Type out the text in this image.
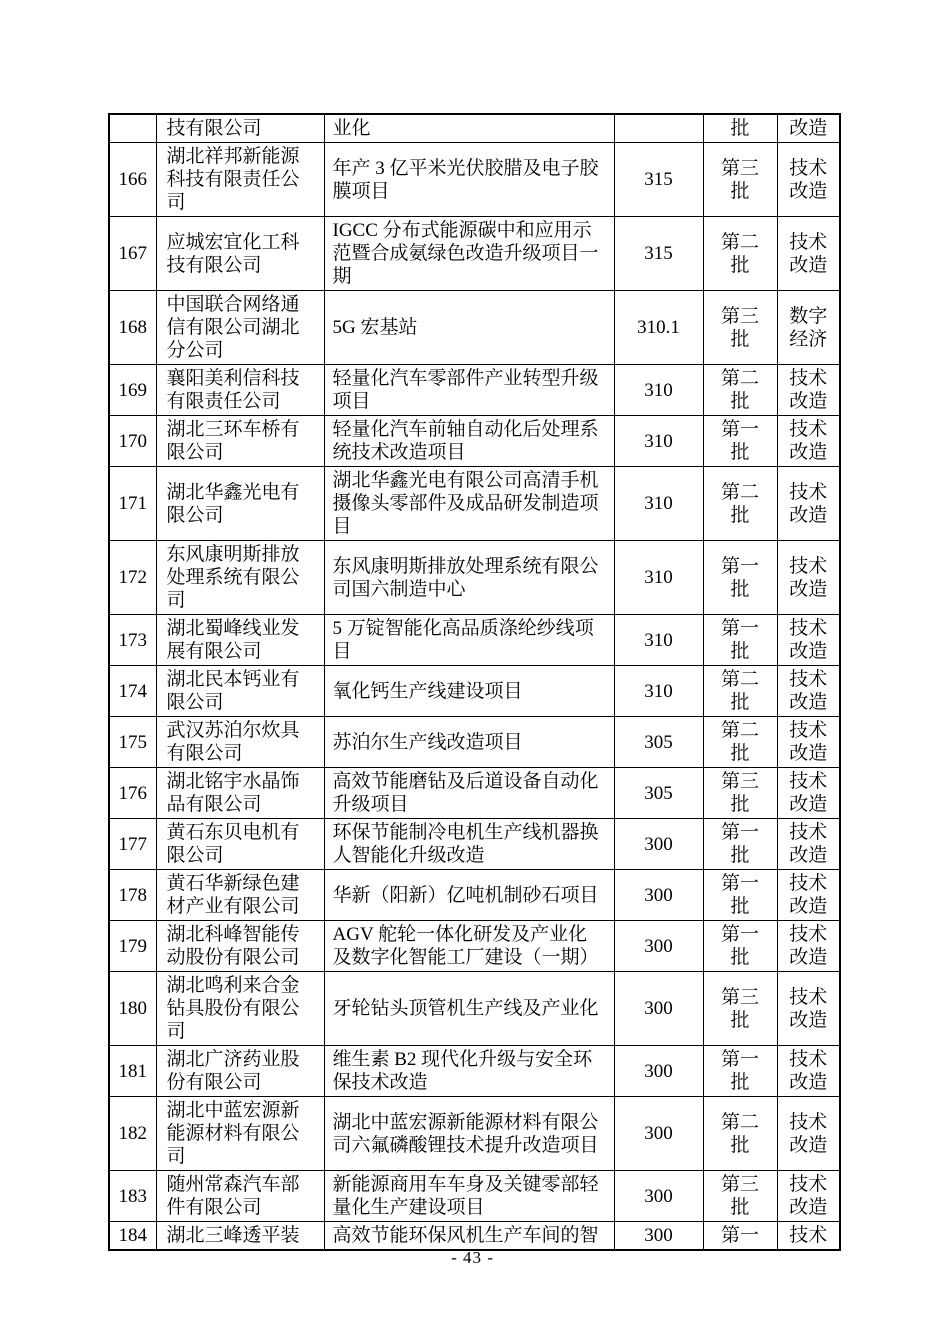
	技有限公司	业化		批	改造
166	湖北祥邦新能源科技有限责任公司	年产 3 亿平米光伏胶腊及电子胶膜项目	315	第三批	技术改造
167	应城宏宜化工科技有限公司	IGCC 分布式能源碳中和应用示范暨合成氨绿色改造升级项目一期	315	第二批	技术改造
168	中国联合网络通信有限公司湖北分公司	5G 宏基站	310.1	第三批	数字经济
169	襄阳美利信科技有限责任公司	轻量化汽车零部件产业转型升级项目	310	第二批	技术改造
170	湖北三环车桥有限公司	轻量化汽车前轴自动化后处理系统技术改造项目	310	第一批	技术改造
171	湖北华鑫光电有限公司	湖北华鑫光电有限公司高清手机摄像头零部件及成品研发制造项目	310	第二批	技术改造
172	东风康明斯排放处理系统有限公司	东风康明斯排放处理系统有限公司国六制造中心	310	第一批	技术改造
173	湖北蜀峰线业发展有限公司	5 万锭智能化高品质涤纶纱线项目	310	第一批	技术改造
174	湖北民本钙业有限公司	氧化钙生产线建设项目	310	第二批	技术改造
175	武汉苏泊尔炊具有限公司	苏泊尔生产线改造项目	305	第二批	技术改造
176	湖北铭宇水晶饰品有限公司	高效节能磨钻及后道设备自动化升级项目	305	第三批	技术改造
177	黄石东贝电机有限公司	环保节能制冷电机生产线机器换人智能化升级改造	300	第一批	技术改造
178	黄石华新绿色建材产业有限公司	华新（阳新）亿吨机制砂石项目	300	第一批	技术改造
179	湖北科峰智能传动股份有限公司	AGV 舵轮一体化研发及产业化及数字化智能工厂建设（一期）	300	第一批	技术改造
180	湖北鸣利来合金钻具股份有限公司	牙轮钻头顶管机生产线及产业化	300	第三批	技术改造
181	湖北广济药业股份有限公司	维生素 B2 现代化升级与安全环保技术改造	300	第一批	技术改造
182	湖北中蓝宏源新能源材料有限公司	湖北中蓝宏源新能源材料有限公司六氟磷酸锂技术提升改造项目	300	第二批	技术改造
183	随州常森汽车部件有限公司	新能源商用车车身及关键零部轻量化生产建设项目	300	第三批	技术改造
184	湖北三峰透平装	高效节能环保风机生产车间的智	300	第一	技术
- 43 -
